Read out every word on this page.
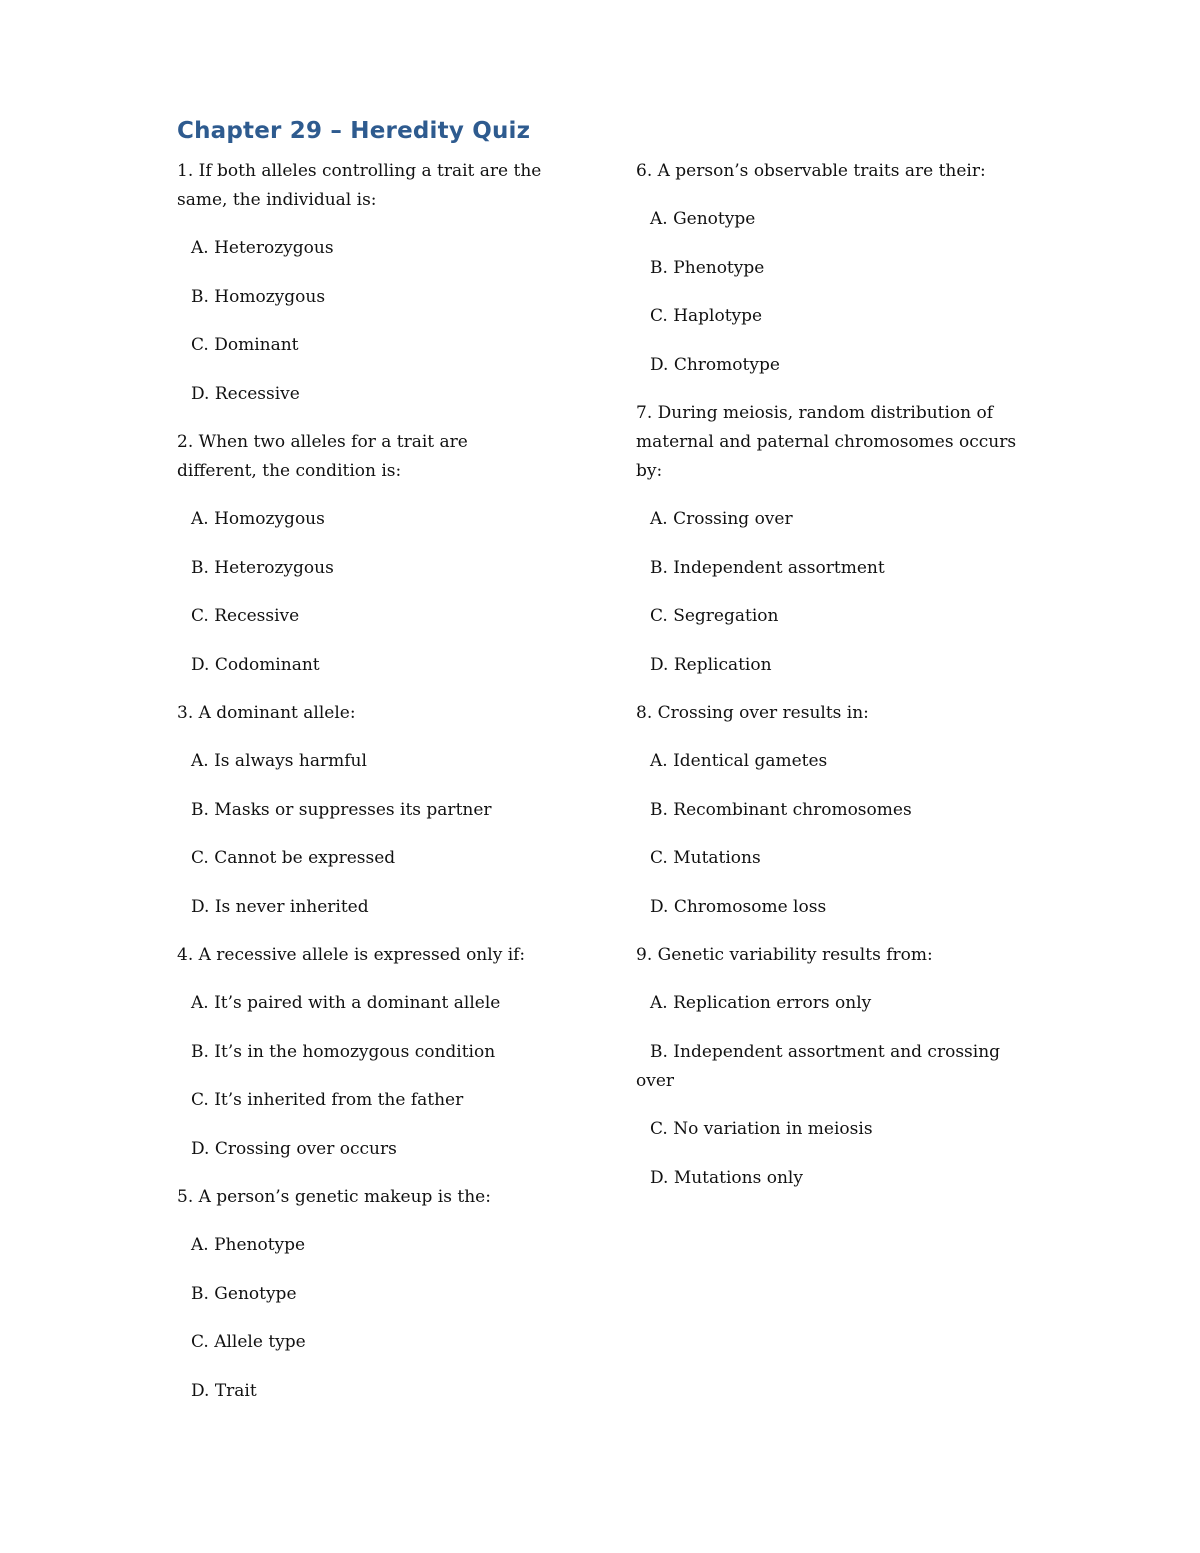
Chapter 29 – Heredity Quiz
1. If both alleles controlling a trait are the same, the individual is:
A. Heterozygous
B. Homozygous
C. Dominant
D. Recessive
2. When two alleles for a trait are different, the condition is:
A. Homozygous
B. Heterozygous
C. Recessive
D. Codominant
3. A dominant allele:
A. Is always harmful
B. Masks or suppresses its partner
C. Cannot be expressed
D. Is never inherited
4. A recessive allele is expressed only if:
A. It’s paired with a dominant allele
B. It’s in the homozygous condition
C. It’s inherited from the father
D. Crossing over occurs
5. A person’s genetic makeup is the:
A. Phenotype
B. Genotype
C. Allele type
D. Trait
6. A person’s observable traits are their:
A. Genotype
B. Phenotype
C. Haplotype
D. Chromotype
7. During meiosis, random distribution of maternal and paternal chromosomes occurs by:
A. Crossing over
B. Independent assortment
C. Segregation
D. Replication
8. Crossing over results in:
A. Identical gametes
B. Recombinant chromosomes
C. Mutations
D. Chromosome loss
9. Genetic variability results from:
A. Replication errors only
B. Independent assortment and crossing over
C. No variation in meiosis
D. Mutations only
